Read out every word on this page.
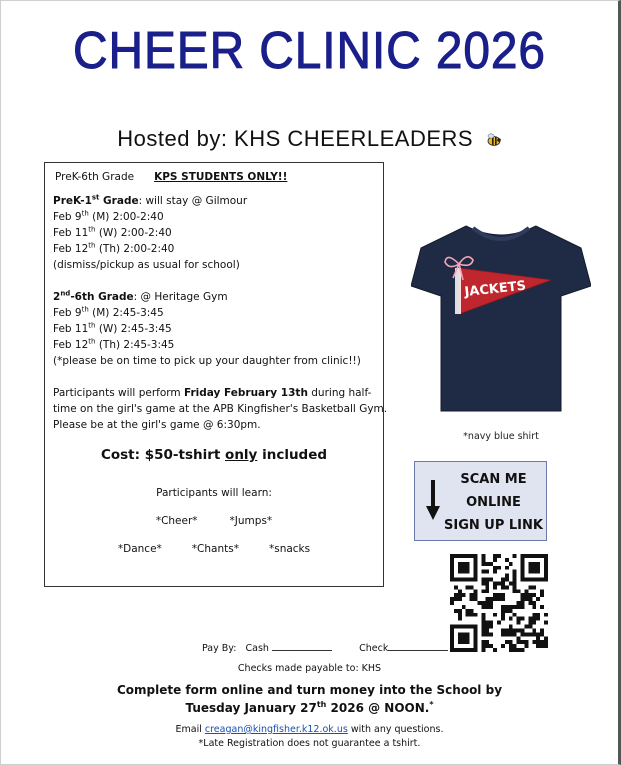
CHEER CLINIC 2026
Hosted by: KHS CHEERLEADERS
PreK-6th Grade KPS STUDENTS ONLY!!
PreK-1st Grade: will stay @ Gilmour
Feb 9th (M) 2:00-2:40
Feb 11th (W) 2:00-2:40
Feb 12th (Th) 2:00-2:40
(dismiss/pickup as usual for school)
2nd-6th Grade: @ Heritage Gym
Feb 9th (M) 2:45-3:45
Feb 11th (W) 2:45-3:45
Feb 12th (Th) 2:45-3:45
(*please be on time to pick up your daughter from clinic!!)
Participants will perform Friday February 13th during half-
time on the girl's game at the APB Kingfisher's Basketball Gym.
Please be at the girl's game @ 6:30pm.
Cost: $50-tshirt only included
Participants will learn:
*Cheer*	*Jumps*
*Dance*	*Chants*	*snacks
JACKETS
*navy blue shirt
SCAN ME
ONLINE
SIGN UP LINK
Pay By: Cash	Check
Checks made payable to: KHS
Complete form online and turn money into the School by
Tuesday January 27th 2026 @ NOON.*
Email creagan@kingfisher.k12.ok.us with any questions.
*Late Registration does not guarantee a tshirt.
